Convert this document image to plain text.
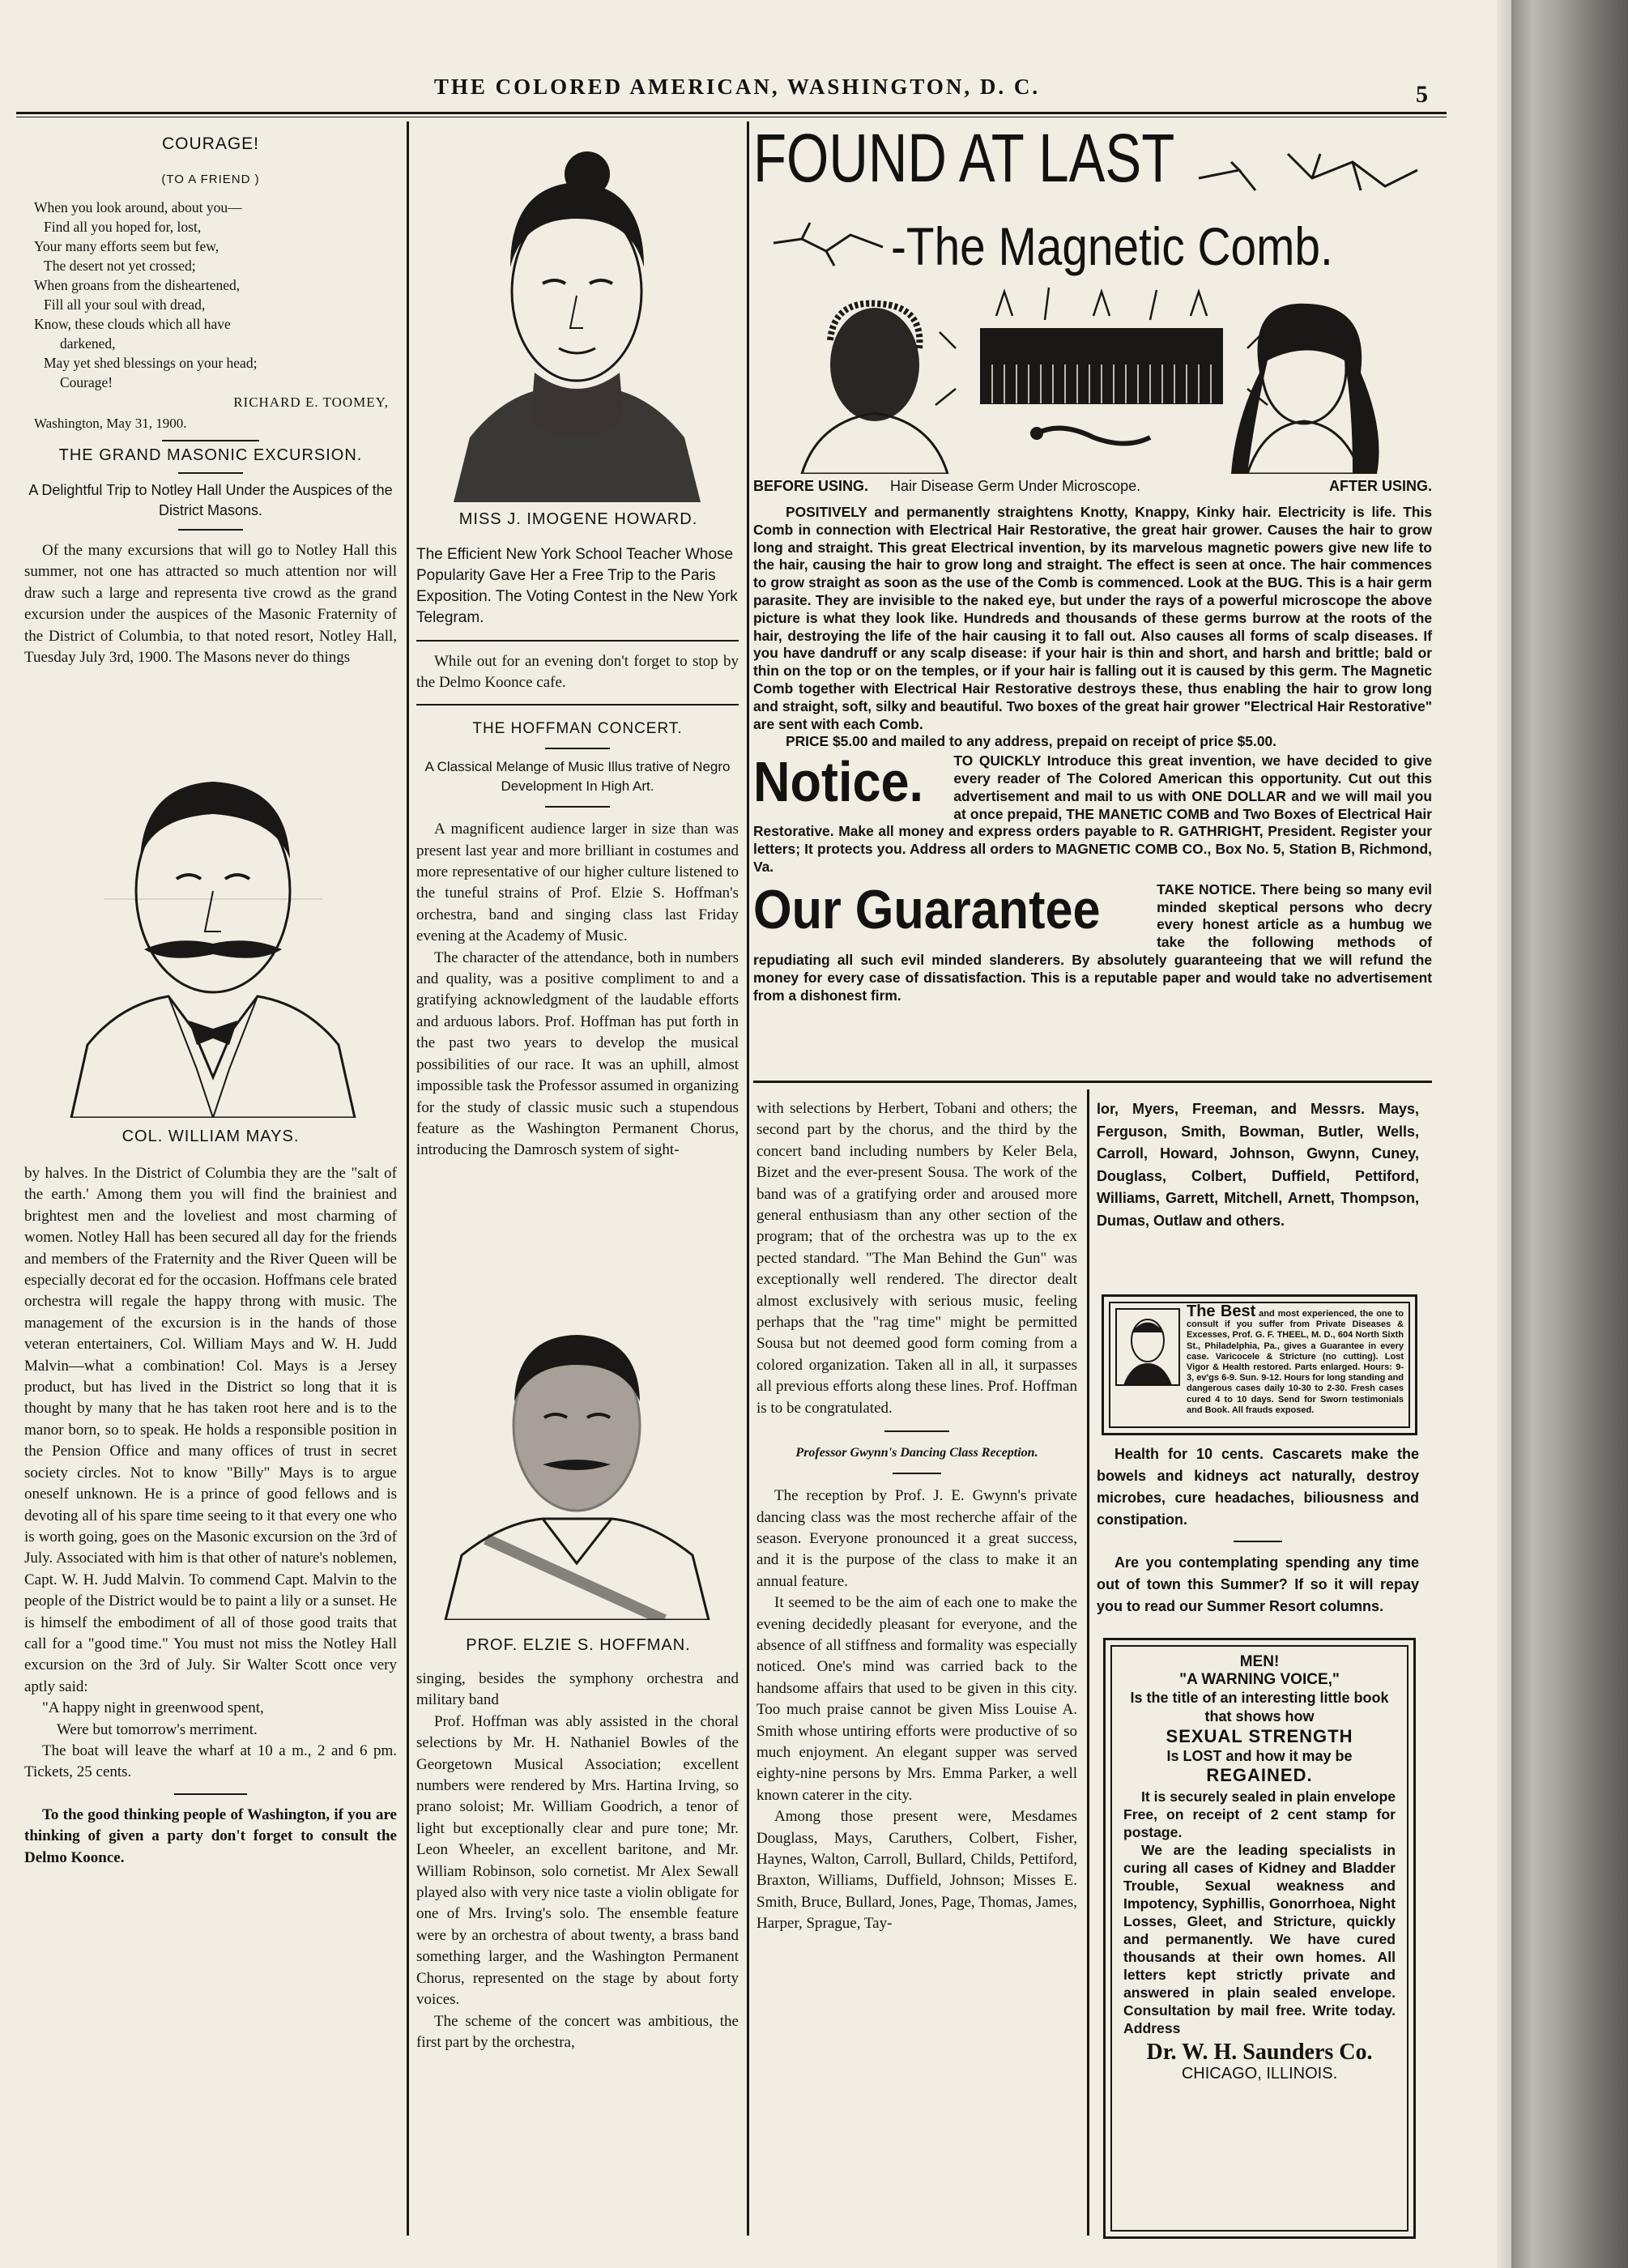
THE COLORED AMERICAN, WASHINGTON, D. C.	5
COURAGE!
(TO A FRIEND )
When you look around, about you—
Find all you hoped for, lost,
Your many efforts seem but few,
The desert not yet crossed;
When groans from the disheartened,
Fill all your soul with dread,
Know, these clouds which all have
darkened,
May yet shed blessings on your head;
Courage!
RICHARD E. TOOMEY,
Washington, May 31, 1900.
THE GRAND MASONIC EXCURSION.
A Delightful Trip to Notley Hall Under the Auspices of the District Masons.

Of the many excursions that will go to Notley Hall this summer, not one has attracted so much attention nor will draw such a large and representa tive crowd as the grand excursion under the auspices of the Masonic Fraternity of the District of Columbia, to that noted resort, Notley Hall, Tuesday July 3rd, 1900. The Masons never do things

COL. WILLIAM MAYS.

by halves. In the District of Columbia they are the "salt of the earth.' Among them you will find the brainiest and brightest men and the loveliest and most charming of women. Notley Hall has been secured all day for the friends and members of the Fraternity and the River Queen will be especially decorat ed for the occasion. Hoffmans cele brated orchestra will regale the happy throng with music. The management of the excursion is in the hands of those veteran entertainers, Col. William Mays and W. H. Judd Malvin—what a combination! Col. Mays is a Jersey product, but has lived in the District so long that it is thought by many that he has taken root here and is to the manor born, so to speak. He holds a responsible position in the Pension Office and many offices of trust in secret society circles. Not to know "Billy" Mays is to argue oneself unknown. He is a prince of good fellows and is devoting all of his spare time seeing to it that every one who is worth going, goes on the Masonic excursion on the 3rd of July. Associated with him is that other of nature's noblemen, Capt. W. H. Judd Malvin. To commend Capt. Malvin to the people of the District would be to paint a lily or a sunset. He is himself the embodiment of all of those good traits that call for a "good time." You must not miss the Notley Hall excursion on the 3rd of July. Sir Walter Scott once very aptly said:

"A happy night in greenwood spent,
Were but tomorrow's merriment.

The boat will leave the wharf at 10 a m., 2 and 6 pm. Tickets, 25 cents.

To the good thinking people of Washington, if you are thinking of given a party don't forget to consult the Delmo Koonce.

MISS J. IMOGENE HOWARD.
The Efficient New York School Teacher Whose Popularity Gave Her a Free Trip to the Paris Exposition. The Voting Contest in the New York Telegram.

While out for an evening don't forget to stop by the Delmo Koonce cafe.

THE HOFFMAN CONCERT.
A Classical Melange of Music Illus trative of Negro Development In High Art.

A magnificent audience larger in size than was present last year and more brilliant in costumes and more representative of our higher culture listened to the tuneful strains of Prof. Elzie S. Hoffman's orchestra, band and singing class last Friday evening at the Academy of Music.

The character of the attendance, both in numbers and quality, was a positive compliment to and a gratifying acknowledgment of the laudable efforts and arduous labors. Prof. Hoffman has put forth in the past two years to develop the musical possibilities of our race. It was an uphill, almost impossible task the Professor assumed in organizing for the study of classic music such a stupendous feature as the Washington Permanent Chorus, introducing the Damrosch system of sight-

PROF. ELZIE S. HOFFMAN.

singing, besides the symphony orchestra and military band

Prof. Hoffman was ably assisted in the choral selections by Mr. H. Nathaniel Bowles of the Georgetown Musical Association; excellent numbers were rendered by Mrs. Hartina Irving, so prano soloist; Mr. William Goodrich, a tenor of light but exceptionally clear and pure tone; Mr. Leon Wheeler, an excellent baritone, and Mr. William Robinson, solo cornetist. Mr Alex Sewall played also with very nice taste a violin obligate for one of Mrs. Irving's solo. The ensemble feature were by an orchestra of about twenty, a brass band something larger, and the Washington Permanent Chorus, represented on the stage by about forty voices.

The scheme of the concert was ambitious, the first part by the orchestra,

FOUND AT LAST
-The Magnetic Comb.
BEFORE USING. Hair Disease Germ Under Microscope.	AFTER USING.

POSITIVELY and permanently straightens Knotty, Knappy, Kinky hair. Electricity is life. This Comb in connection with Electrical Hair Restorative, the great hair grower. Causes the hair to grow long and straight. This great Electrical invention, by its marvelous magnetic powers give new life to the hair, causing the hair to grow long and straight. The effect is seen at once. The hair commences to grow straight as soon as the use of the Comb is commenced. Look at the BUG. This is a hair germ parasite. They are invisible to the naked eye, but under the rays of a powerful microscope the above picture is what they look like. Hundreds and thousands of these germs burrow at the roots of the hair, destroying the life of the hair causing it to fall out. Also causes all forms of scalp diseases. If you have dandruff or any scalp disease: if your hair is thin and short, and harsh and brittle; bald or thin on the top or on the temples, or if your hair is falling out it is caused by this germ. The Magnetic Comb together with Electrical Hair Restorative destroys these, thus enabling the hair to grow long and straight, soft, silky and beautiful. Two boxes of the great hair grower "Electrical Hair Restorative" are sent with each Comb.

PRICE $5.00 and mailed to any address, prepaid on receipt of price $5.00.

Notice. TO QUICKLY Introduce this great invention, we have decided to give every reader of The Colored American this opportunity. Cut out this advertisement and mail to us with ONE DOLLAR and we will mail you at once prepaid, THE MANETIC COMB and Two Boxes of Electrical Hair Restorative. Make all money and express orders payable to R. GATHRIGHT, President. Register your letters; It protects you. Address all orders to MAGNETIC COMB CO., Box No. 5, Station B, Richmond, Va.
Our Guarantee	TAKE NOTICE. There being so many evil minded skeptical persons who decry every honest article as a humbug we take the following methods of repudiating all such evil minded slanderers. By absolutely guaranteeing that we will refund the money for every case of dissatisfaction. This is a reputable paper and would take no advertisement from a dishonest firm.

with selections by Herbert, Tobani and others; the second part by the chorus, and the third by the concert band including numbers by Keler Bela, Bizet and the ever-present Sousa. The work of the band was of a gratifying order and aroused more general enthusiasm than any other section of the program; that of the orchestra was up to the ex pected standard. "The Man Behind the Gun" was exceptionally well rendered. The director dealt almost exclusively with serious music, feeling perhaps that the "rag time" might be permitted Sousa but not deemed good form coming from a colored organization. Taken all in all, it surpasses all previous efforts along these lines. Prof. Hoffman is to be congratulated.

Professor Gwynn's Dancing Class Reception.

The reception by Prof. J. E. Gwynn's private dancing class was the most recherche affair of the season. Everyone pronounced it a great success, and it is the purpose of the class to make it an annual feature.

It seemed to be the aim of each one to make the evening decidedly pleasant for everyone, and the absence of all stiffness and formality was especially noticed. One's mind was carried back to the handsome affairs that used to be given in this city. Too much praise cannot be given Miss Louise A. Smith whose untiring efforts were productive of so much enjoyment. An elegant supper was served eighty-nine persons by Mrs. Emma Parker, a well known caterer in the city.

Among those present were, Mesdames Douglass, Mays, Caruthers, Colbert, Fisher, Haynes, Walton, Carroll, Bullard, Childs, Pettiford, Braxton, Williams, Duffield, Johnson; Misses E. Smith, Bruce, Bullard, Jones, Page, Thomas, James, Harper, Sprague, Tay-

lor, Myers, Freeman, and Messrs. Mays, Ferguson, Smith, Bowman, Butler, Wells, Carroll, Howard, Johnson, Gwynn, Cuney, Douglass, Colbert, Duffield, Pettiford, Williams, Garrett, Mitchell, Arnett, Thompson, Dumas, Outlaw and others.

The Best and most experienced, the one to consult if you suffer from Private Diseases & Excesses, Prof. G. F. THEEL, M. D., 604 North Sixth St., Philadelphia, Pa., gives a Guarantee in every case. Varicocele & Stricture (no cutting). Lost Vigor & Health restored. Parts enlarged. Hours: 9-3, ev'gs 6-9. Sun. 9-12. Hours for long standing and dangerous cases daily 10-30 to 2-30. Fresh cases cured 4 to 10 days. Send for Sworn testimonials and Book. All frauds exposed.

Health for 10 cents. Cascarets make the bowels and kidneys act naturally, destroy microbes, cure headaches, biliousness and constipation.

Are you contemplating spending any time out of town this Summer? If so it will repay you to read our Summer Resort columns.

MEN!
"A WARNING VOICE,"
Is the title of an interesting little book that shows how
SEXUAL STRENGTH
Is LOST and how it may be
REGAINED.

It is securely sealed in plain envelope Free, on receipt of 2 cent stamp for postage.

We are the leading specialists in curing all cases of Kidney and Bladder Trouble, Sexual weakness and Impotency, Syphillis, Gonorrhoea, Night Losses, Gleet, and Stricture, quickly and permanently. We have cured thousands at their own homes. All letters kept strictly private and answered in plain sealed envelope. Consultation by mail free. Write today. Address

Dr. W. H. Saunders Co.
CHICAGO, ILLINOIS.
